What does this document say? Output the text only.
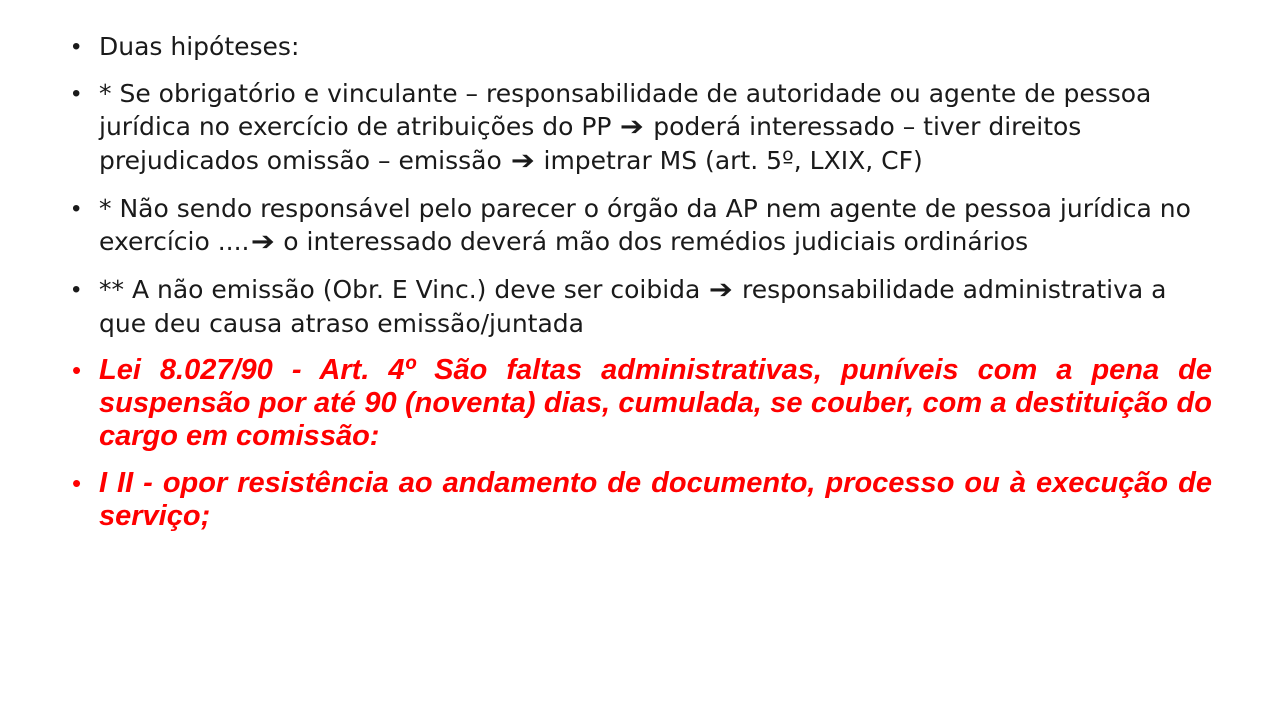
• Duas hipóteses:
• * Se obrigatório e vinculante – responsabilidade de autoridade ou agente de pessoa jurídica no exercício de atribuições do PP ➔ poderá interessado – tiver direitos prejudicados omissão – emissão ➔ impetrar MS (art. 5º, LXIX, CF)
• * Não sendo responsável pelo parecer o órgão da AP nem agente de pessoa jurídica no exercício ....➔ o interessado deverá mão dos remédios judiciais ordinários
• ** A não emissão (Obr. E Vinc.) deve ser coibida ➔ responsabilidade administrativa a que deu causa atraso emissão/juntada
• Lei 8.027/90 - Art. 4º São faltas administrativas, puníveis com a pena de suspensão por até 90 (noventa) dias, cumulada, se couber, com a destituição do cargo em comissão:
• I II - opor resistência ao andamento de documento, processo ou à execução de serviço;
